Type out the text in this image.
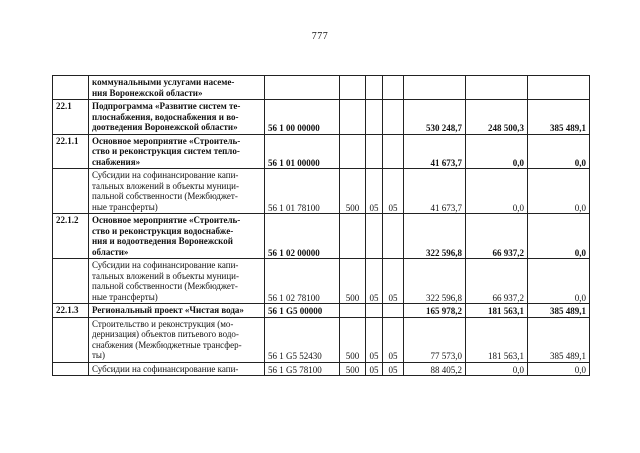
777
	коммунальными услугами насеме-
ния Воронежской области»							
22.1	Подпрограмма «Развитие систем те-
плоснабжения, водоснабжения и во-
доотведения Воронежской области»	56 1 00 00000				530 248,7	248 500,3	385 489,1
22.1.1	Основное мероприятие «Строитель-
ство и реконструкция систем тепло-
снабжения»	56 1 01 00000				41 673,7	0,0	0,0
	Субсидии на софинансирование капи-
тальных вложений в объекты муници-
пальной собственности (Межбюджет-
ные трансферты)	56 1 01 78100	500	05	05	41 673,7	0,0	0,0
22.1.2	Основное мероприятие «Строитель-
ство и реконструкция водоснабже-
ния и водоотведения Воронежской
области»	56 1 02 00000				322 596,8	66 937,2	0,0
	Субсидии на софинансирование капи-
тальных вложений в объекты муници-
пальной собственности (Межбюджет-
ные трансферты)	56 1 02 78100	500	05	05	322 596,8	66 937,2	0,0
22.1.3	Региональный проект «Чистая вода»	56 1 G5 00000				165 978,2	181 563,1	385 489,1
	Строительство и реконструкция (мо-
дернизация) объектов питьевого водо-
снабжения (Межбюджетные трансфер-
ты)	56 1 G5 52430	500	05	05	77 573,0	181 563,1	385 489,1
	Субсидии на софинансирование капи-	56 1 G5 78100	500	05	05	88 405,2	0,0	0,0
